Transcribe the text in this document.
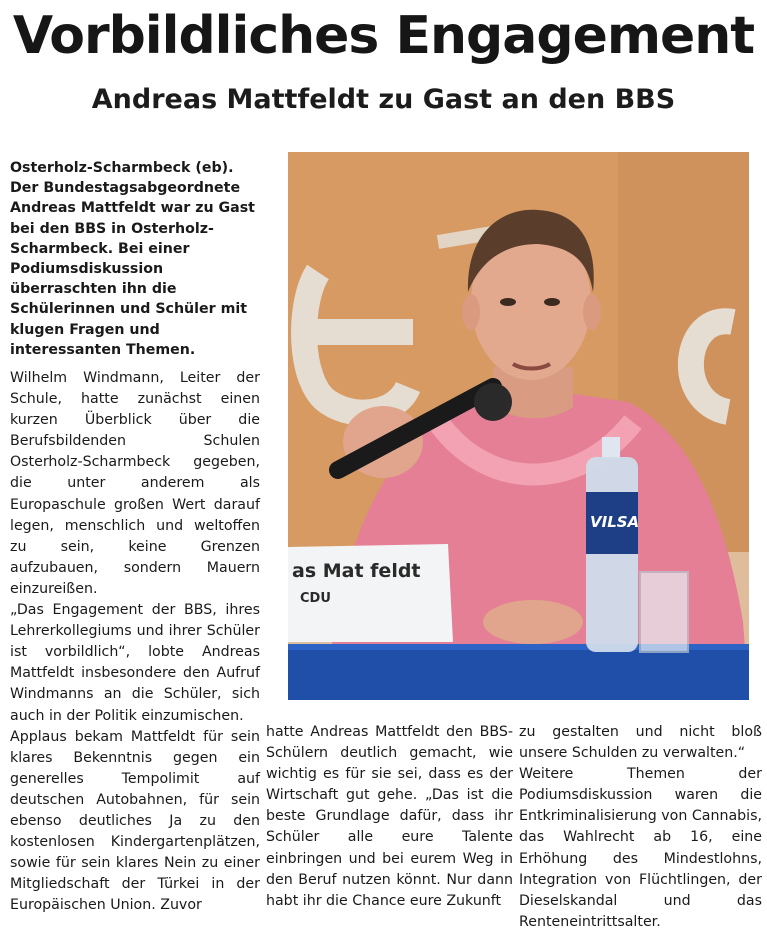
Vorbildliches Engagement
Andreas Mattfeldt zu Gast an den BBS

Osterholz-Scharmbeck (eb). Der Bundestagsabgeordnete Andreas Mattfeldt war zu Gast bei den BBS in Osterholz-Scharmbeck. Bei einer Podiumsdiskussion überraschten ihn die Schülerinnen und Schüler mit klugen Fragen und interessanten Themen.

Wilhelm Windmann, Leiter der Schule, hatte zunächst einen kurzen Überblick über die Berufsbildenden Schulen Osterholz-Scharmbeck gegeben, die unter anderem als Europaschule großen Wert darauf legen, menschlich und weltoffen zu sein, keine Grenzen aufzubauen, sondern Mauern einzureißen.

„Das Engagement der BBS, ihres Lehrerkollegiums und ihrer Schüler ist vorbildlich“, lobte Andreas Mattfeldt insbesondere den Aufruf Windmanns an die Schüler, sich auch in der Politik einzumischen.

Applaus bekam Mattfeldt für sein klares Bekenntnis gegen ein generelles Tempolimit auf deutschen Autobahnen, für sein ebenso deutliches Ja zu den kostenlosen Kindergartenplätzen, sowie für sein klares Nein zu einer Mitgliedschaft der Türkei in der Europäischen Union. Zuvor

hatte Andreas Mattfeldt den BBS-Schülern deutlich gemacht, wie wichtig es für sie sei, dass es der Wirtschaft gut gehe. „Das ist die beste Grundlage dafür, dass ihr Schüler alle eure Talente einbringen und bei eurem Weg in den Beruf nutzen könnt. Nur dann habt ihr die Chance eure Zukunft

zu gestalten und nicht bloß unsere Schulden zu verwalten.“

Weitere Themen der Podiumsdiskussion waren die Entkriminalisierung von Cannabis, das Wahlrecht ab 16, eine Erhöhung des Mindestlohns, Integration von Flüchtlingen, der Dieselskandal und das Renteneintrittsalter.

as Mat feldt
CDU
VILSA
